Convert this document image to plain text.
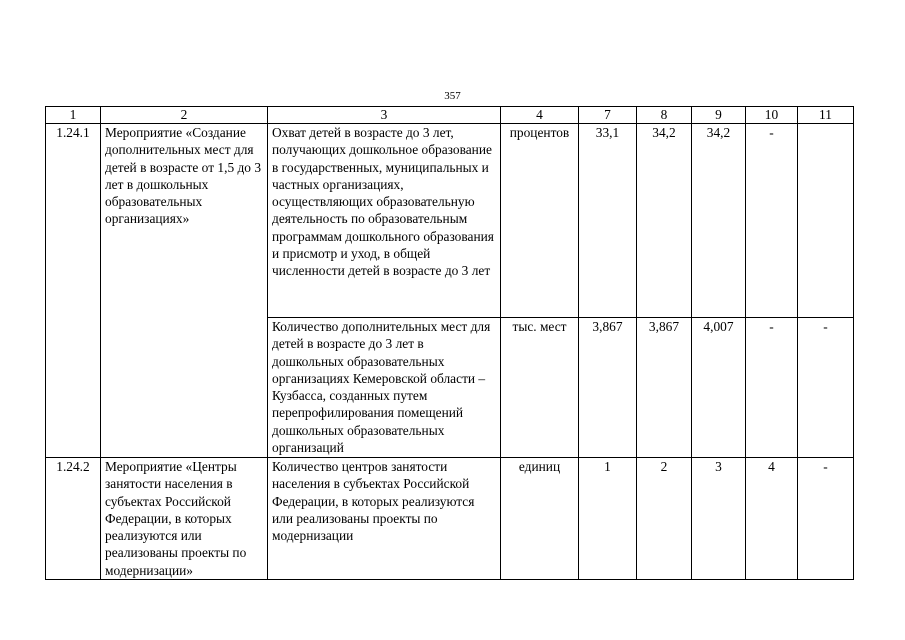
357
1	2	3	4	7	8	9	10	11
1.24.1	Мероприятие «Создание дополнительных мест для детей в возрасте от 1,5 до 3 лет в дошкольных образовательных организациях»	Охват детей в возрасте до 3 лет, получающих дошкольное образование в государственных, муниципальных и частных организациях, осуществляющих образовательную деятельность по образовательным программам дошкольного образования и присмотр и уход, в общей численности детей в возрасте до 3 лет	процентов	33,1	34,2	34,2	-	
		Количество дополнительных мест для детей в возрасте до 3 лет в дошкольных образовательных организациях Кемеровской области – Кузбасса, созданных путем перепрофилирования помещений дошкольных образовательных организаций	тыс. мест	3,867	3,867	4,007	-	-
1.24.2	Мероприятие «Центры занятости населения в субъектах Российской Федерации, в которых реализуются или реализованы проекты по модернизации»	Количество центров занятости населения в субъектах Российской Федерации, в которых реализуются или реализованы проекты по модернизации	единиц	1	2	3	4	-
